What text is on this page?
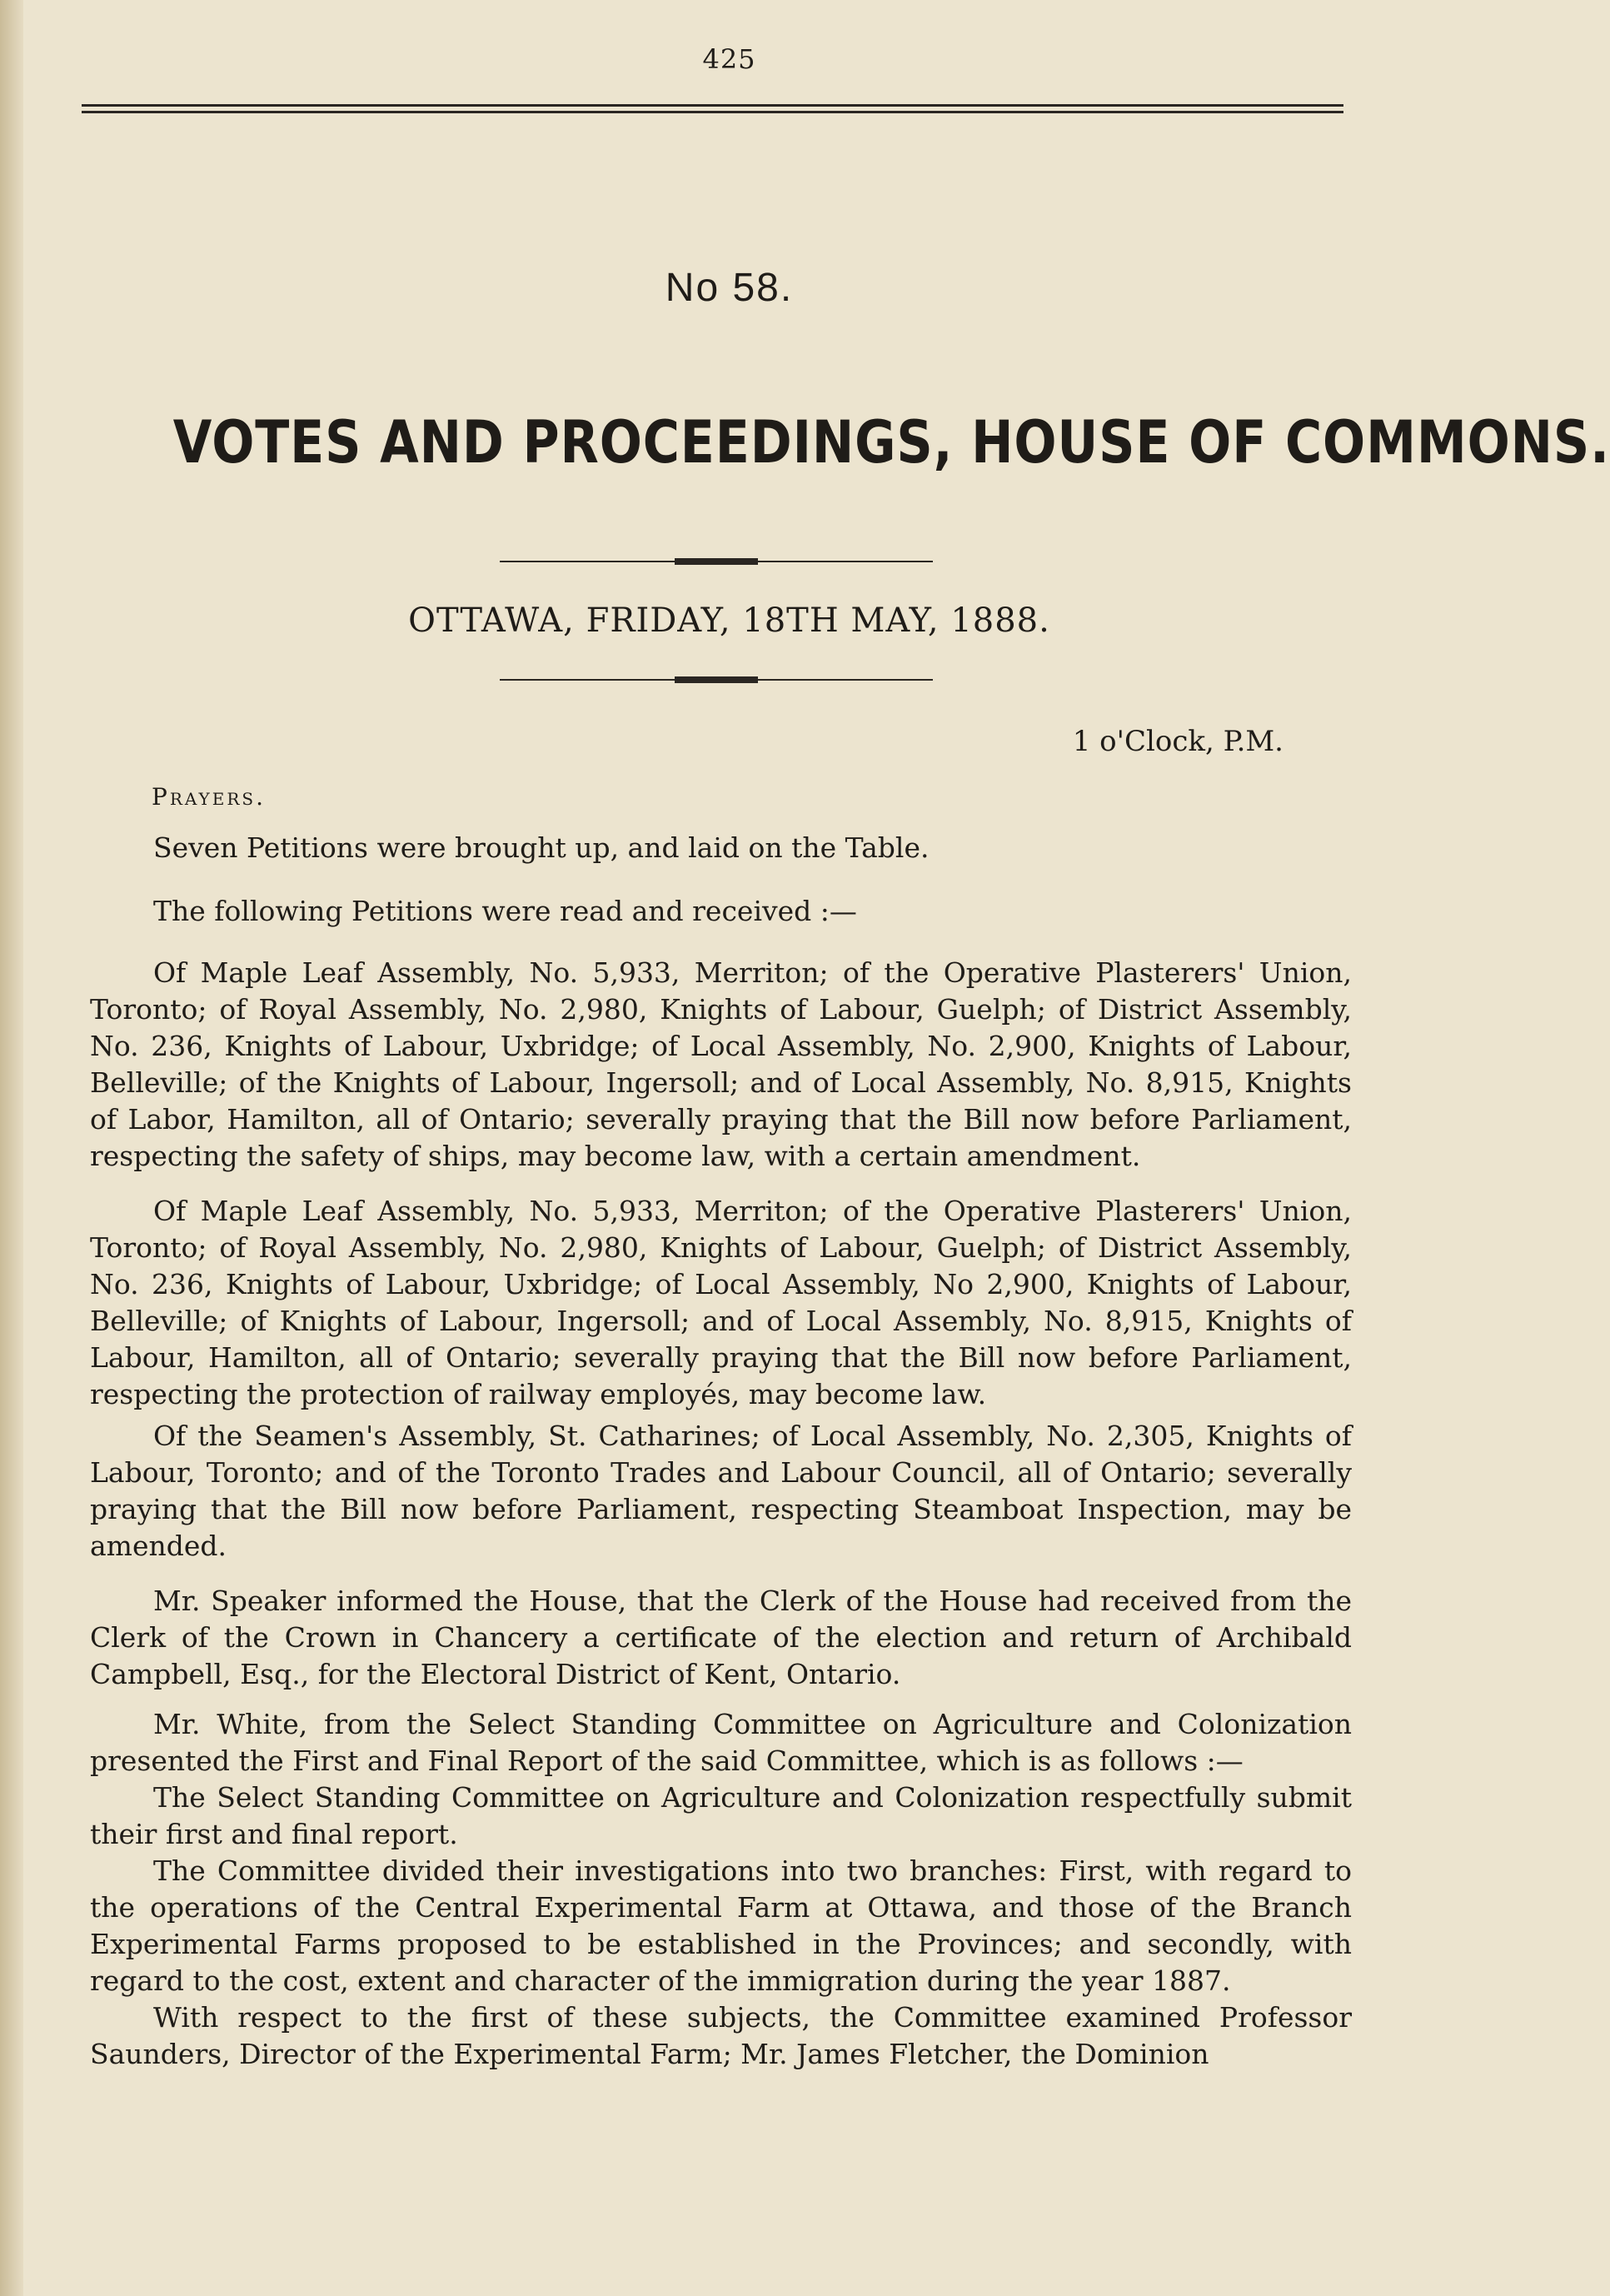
425
No 58.
VOTES AND PROCEEDINGS, HOUSE OF COMMONS.
OTTAWA, FRIDAY, 18TH MAY, 1888.
1 o'Clock, P.M.
Prayers.
Seven Petitions were brought up, and laid on the Table.
The following Petitions were read and received :—
Of Maple Leaf Assembly, No. 5,933, Merriton; of the Operative Plasterers' Union, Toronto; of Royal Assembly, No. 2,980, Knights of Labour, Guelph; of District Assembly, No. 236, Knights of Labour, Uxbridge; of Local Assembly, No. 2,900, Knights of Labour, Belleville; of the Knights of Labour, Ingersoll; and of Local Assembly, No. 8,915, Knights of Labor, Hamilton, all of Ontario; severally praying that the Bill now before Parliament, respecting the safety of ships, may become law, with a certain amendment.
Of Maple Leaf Assembly, No. 5,933, Merriton; of the Operative Plasterers' Union, Toronto; of Royal Assembly, No. 2,980, Knights of Labour, Guelph; of District Assembly, No. 236, Knights of Labour, Uxbridge; of Local Assembly, No 2,900, Knights of Labour, Belleville; of Knights of Labour, Ingersoll; and of Local Assembly, No. 8,915, Knights of Labour, Hamilton, all of Ontario; severally praying that the Bill now before Parliament, respecting the protection of railway employés, may become law.
Of the Seamen's Assembly, St. Catharines; of Local Assembly, No. 2,305, Knights of Labour, Toronto; and of the Toronto Trades and Labour Council, all of Ontario; severally praying that the Bill now before Parliament, respecting Steamboat Inspection, may be amended.
Mr. Speaker informed the House, that the Clerk of the House had received from the Clerk of the Crown in Chancery a certificate of the election and return of Archibald Campbell, Esq., for the Electoral District of Kent, Ontario.
Mr. White, from the Select Standing Committee on Agriculture and Colonization presented the First and Final Report of the said Committee, which is as follows :—
The Select Standing Committee on Agriculture and Colonization respectfully submit their first and final report.
The Committee divided their investigations into two branches: First, with regard to the operations of the Central Experimental Farm at Ottawa, and those of the Branch Experimental Farms proposed to be established in the Provinces; and secondly, with regard to the cost, extent and character of the immigration during the year 1887.
With respect to the first of these subjects, the Committee examined Professor Saunders, Director of the Experimental Farm; Mr. James Fletcher, the Dominion
